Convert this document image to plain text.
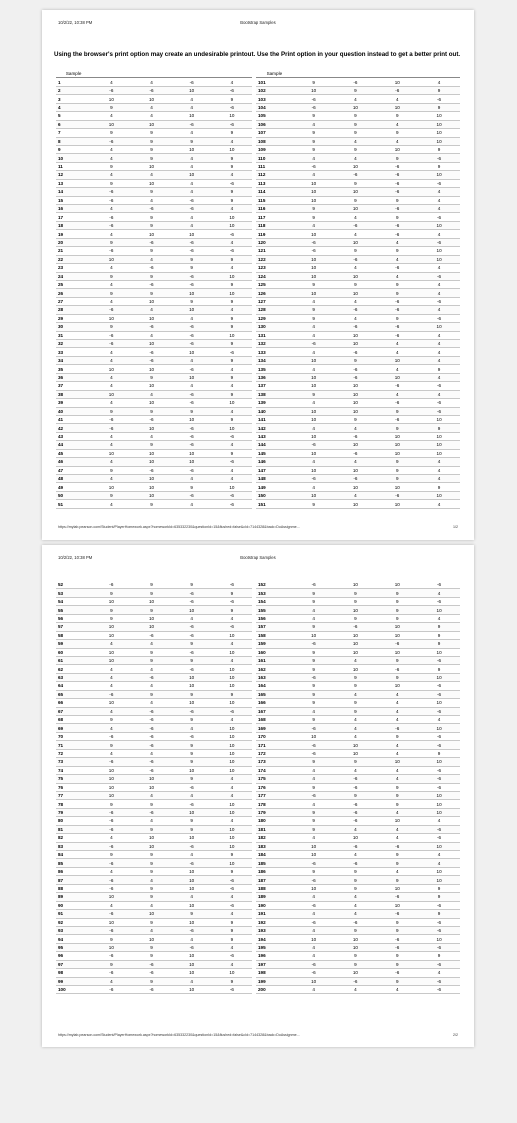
10/2/22, 10:38 PM	Bootstrap Samples
Using the browser's print option may create an undesirable printout. Use the Print option in your question instead to get a better print out.
Sample				
1	4	4	-6	4
2	-6	-6	10	-6
3	10	10	4	9
4	9	4	4	-6
5	4	4	10	10
6	10	10	-6	-6
7	9	9	4	9
8	-6	9	9	4
9	4	9	10	10
10	4	9	4	9
11	9	10	4	9
12	4	4	10	4
13	9	10	4	-6
14	-6	9	4	9
15	-6	4	-6	9
16	4	-6	-6	4
17	-6	9	4	10
18	-6	9	4	10
19	4	10	10	-6
20	9	-6	-6	4
21	-6	9	-6	-6
22	10	4	9	9
23	4	-6	9	4
24	9	9	-6	10
25	4	-6	-6	9
26	9	9	10	10
27	4	10	9	9
28	-6	4	10	4
29	10	10	4	9
30	9	-6	-6	9
31	-6	4	-6	10
32	-6	10	-6	9
33	4	-6	10	-6
34	4	-6	4	9
35	10	10	-6	4
36	4	9	10	9
37	4	10	4	4
38	10	4	-6	9
39	4	10	-6	10
40	9	9	9	4
41	-6	-6	10	9
42	-6	10	-6	10
43	4	4	-6	-6
44	4	9	-6	4
45	10	10	10	9
46	4	10	10	-6
47	9	-6	-6	4
48	4	10	4	4
49	10	10	9	10
50	9	10	-6	-6
51	4	9	4	-6
Sample				
101	9	-6	10	4
102	10	9	-6	9
103	-6	4	4	-6
104	-6	10	10	9
105	9	9	9	10
106	4	9	4	10
107	9	9	9	10
108	9	4	4	10
109	9	9	10	9
110	4	4	9	-6
111	-6	10	-6	9
112	4	-6	-6	10
113	10	9	-6	-6
114	10	10	-6	4
115	10	9	9	4
116	9	10	-6	4
117	9	4	9	-6
118	4	-6	-6	10
119	10	4	-6	4
120	-6	10	4	-6
121	-6	9	9	10
122	10	-6	4	10
123	10	4	-6	4
124	10	10	4	-6
125	9	9	9	4
126	10	10	9	4
127	4	4	-6	-6
128	9	-6	-6	4
129	9	4	9	-6
130	4	-6	-6	10
131	4	10	-6	4
132	-6	10	4	4
133	4	-6	4	4
134	10	9	10	4
135	4	-6	4	9
136	10	-6	10	4
137	10	10	-6	-6
138	9	10	4	4
139	4	10	-6	-6
140	10	10	9	-6
141	10	9	-6	10
142	4	4	9	9
143	10	-6	10	10
144	-6	10	10	10
145	10	-6	10	10
146	4	4	9	4
147	10	10	9	4
148	-6	-6	9	4
149	4	10	10	9
150	10	4	-6	10
151	9	10	10	4
https://mylab.pearson.com/Student/PlayerHomework.aspx?homeworkId=635332230&questionId=15&flushed=false&cId=7144328&back=DoAssignme...	1/2
10/2/22, 10:38 PM	Bootstrap Samples
52	-6	9	9	-6
53	9	9	-6	9
54	10	10	-6	-6
55	9	9	10	9
56	9	10	4	4
57	10	10	-6	-6
58	10	-6	-6	10
59	4	4	9	4
60	10	9	-6	10
61	10	9	9	4
62	4	4	-6	10
63	4	-6	10	10
64	4	4	10	10
65	-6	9	9	9
66	10	4	10	10
67	4	-6	-6	-6
68	9	-6	9	4
69	4	-6	4	10
70	-6	-6	-6	10
71	9	-6	9	10
72	4	4	9	10
73	-6	-6	9	10
74	10	-6	10	10
75	10	10	9	4
76	10	10	-6	4
77	10	4	4	4
78	9	9	-6	10
79	-6	-6	10	10
80	-6	4	9	4
81	-6	9	9	10
82	4	10	10	10
83	-6	10	-6	10
84	9	9	4	9
85	-6	9	-6	10
86	4	9	10	9
87	-6	4	10	-6
88	-6	9	10	-6
89	10	9	4	4
90	4	4	10	-6
91	-6	10	9	4
92	10	9	10	9
93	-6	4	-6	9
94	9	10	4	9
95	10	9	-6	4
96	-6	9	10	-6
97	9	-6	10	4
98	-6	-6	10	10
99	4	9	4	9
100	-6	-6	10	-6
152	-6	10	10	-6
153	9	9	9	4
154	9	9	9	-6
155	4	10	9	10
156	4	9	9	4
157	9	-6	10	9
158	10	10	10	9
159	-6	10	-6	9
160	9	10	10	10
161	9	4	9	-6
162	9	10	-6	9
163	-6	9	9	10
164	9	9	10	-6
165	9	4	4	-6
166	9	9	4	10
167	4	9	4	-6
168	9	4	4	4
169	-6	4	-6	10
170	10	4	9	-6
171	-6	10	4	-6
172	-6	10	4	9
173	9	9	10	10
174	4	4	4	-6
175	4	-6	4	-6
176	9	-6	9	-6
177	-6	9	9	10
178	4	-6	9	10
179	9	-6	4	10
180	9	-6	10	4
181	9	4	4	-6
182	4	10	4	-6
183	10	-6	-6	10
184	10	4	9	4
185	-6	-6	9	4
186	9	9	4	10
187	-6	9	9	10
188	10	9	10	9
189	4	4	-6	9
190	-6	4	10	-6
191	4	4	-6	9
192	-6	-6	9	-6
193	4	9	9	-6
194	10	10	-6	10
195	4	10	-6	-6
196	4	9	9	9
197	-6	9	9	-6
198	-6	10	-6	4
199	10	-6	9	-6
200	4	4	4	-6
https://mylab.pearson.com/Student/PlayerHomework.aspx?homeworkId=635332230&questionId=15&flushed=false&cId=7144328&back=DoAssignme...	2/2
